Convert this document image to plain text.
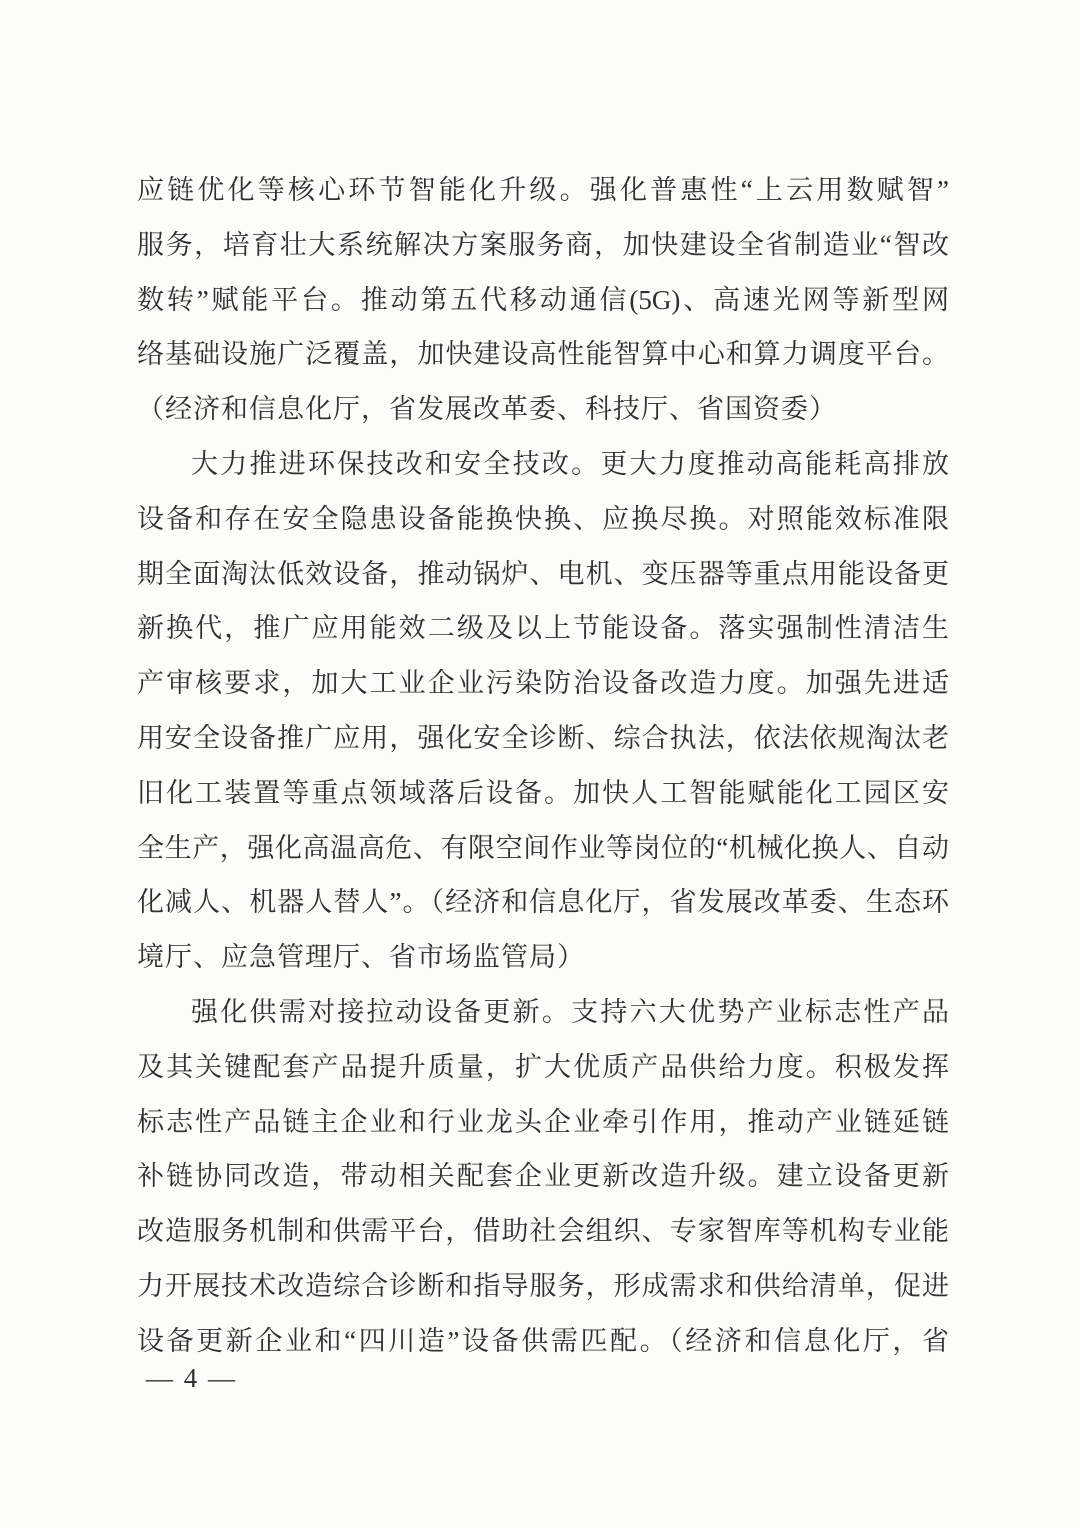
应链优化等核心环节智能化升级。强化普惠性“上云用数赋智”
服务，培育壮大系统解决方案服务商，加快建设全省制造业“智改
数转”赋能平台。推动第五代移动通信(5G)、高速光网等新型网
络基础设施广泛覆盖，加快建设高性能智算中心和算力调度平台。
（经济和信息化厅，省发展改革委、科技厅、省国资委）
大力推进环保技改和安全技改。更大力度推动高能耗高排放
设备和存在安全隐患设备能换快换、应换尽换。对照能效标准限
期全面淘汰低效设备，推动锅炉、电机、变压器等重点用能设备更
新换代，推广应用能效二级及以上节能设备。落实强制性清洁生
产审核要求，加大工业企业污染防治设备改造力度。加强先进适
用安全设备推广应用，强化安全诊断、综合执法，依法依规淘汰老
旧化工装置等重点领域落后设备。加快人工智能赋能化工园区安
全生产，强化高温高危、有限空间作业等岗位的“机械化换人、自动
化减人、机器人替人”。（经济和信息化厅，省发展改革委、生态环
境厅、应急管理厅、省市场监管局）
强化供需对接拉动设备更新。支持六大优势产业标志性产品
及其关键配套产品提升质量，扩大优质产品供给力度。积极发挥
标志性产品链主企业和行业龙头企业牵引作用，推动产业链延链
补链协同改造，带动相关配套企业更新改造升级。建立设备更新
改造服务机制和供需平台，借助社会组织、专家智库等机构专业能
力开展技术改造综合诊断和指导服务，形成需求和供给清单，促进
设备更新企业和“四川造”设备供需匹配。（经济和信息化厅，省
— 4 —
